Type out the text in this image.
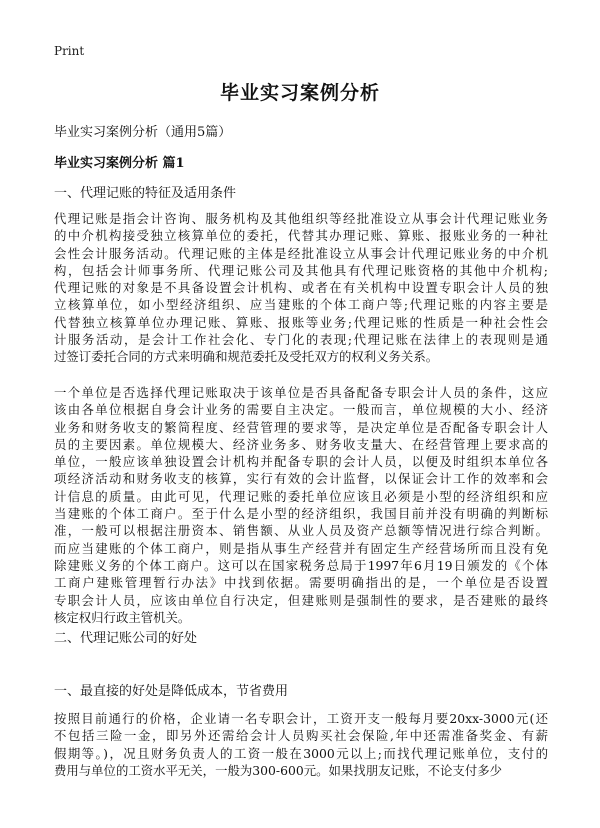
Print
毕业实习案例分析
毕业实习案例分析（通用5篇）
毕业实习案例分析 篇1
一、代理记账的特征及适用条件
代理记账是指会计咨询、服务机构及其他组织等经批准设立从事会计代理记账业务
的中介机构接受独立核算单位的委托，代替其办理记账、算账、报账业务的一种社
会性会计服务活动。代理记账的主体是经批准设立从事会计代理记账业务的中介机
构，包括会计师事务所、代理记账公司及其他具有代理记账资格的其他中介机构;
代理记账的对象是不具备设置会计机构、或者在有关机构中设置专职会计人员的独
立核算单位，如小型经济组织、应当建账的个体工商户等;代理记账的内容主要是
代替独立核算单位办理记账、算账、报账等业务;代理记账的性质是一种社会性会
计服务活动，是会计工作社会化、专门化的表现;代理记账在法律上的表现则是通
过签订委托合同的方式来明确和规范委托及受托双方的权利义务关系。
一个单位是否选择代理记账取决于该单位是否具备配备专职会计人员的条件，这应
该由各单位根据自身会计业务的需要自主决定。一般而言，单位规模的大小、经济
业务和财务收支的繁简程度、经营管理的要求等，是决定单位是否配备专职会计人
员的主要因素。单位规模大、经济业务多、财务收支量大、在经营管理上要求高的
单位，一般应该单独设置会计机构并配备专职的会计人员，以便及时组织本单位各
项经济活动和财务收支的核算，实行有效的会计监督，以保证会计工作的效率和会
计信息的质量。由此可见，代理记账的委托单位应该且必须是小型的经济组织和应
当建账的个体工商户。至于什么是小型的经济组织，我国目前并没有明确的判断标
准，一般可以根据注册资本、销售额、从业人员及资产总额等情况进行综合判断。
而应当建账的个体工商户，则是指从事生产经营并有固定生产经营场所而且没有免
除建账义务的个体工商户。这可以在国家税务总局于1997年6月19日颁发的《个体
工商户建账管理暂行办法》中找到依据。需要明确指出的是，一个单位是否设置
专职会计人员，应该由单位自行决定，但建账则是强制性的要求，是否建账的最终
核定权归行政主管机关。
二、代理记账公司的好处
一、最直接的好处是降低成本，节省费用
按照目前通行的价格，企业请一名专职会计，工资开支一般每月要20xx-3000元(还
不包括三险一金，即另外还需给会计人员购买社会保险,年中还需准备奖金、有薪
假期等。)，况且财务负责人的工资一般在3000元以上;而找代理记账单位，支付的
费用与单位的工资水平无关，一般为300-600元。如果找朋友记账，不论支付多少
